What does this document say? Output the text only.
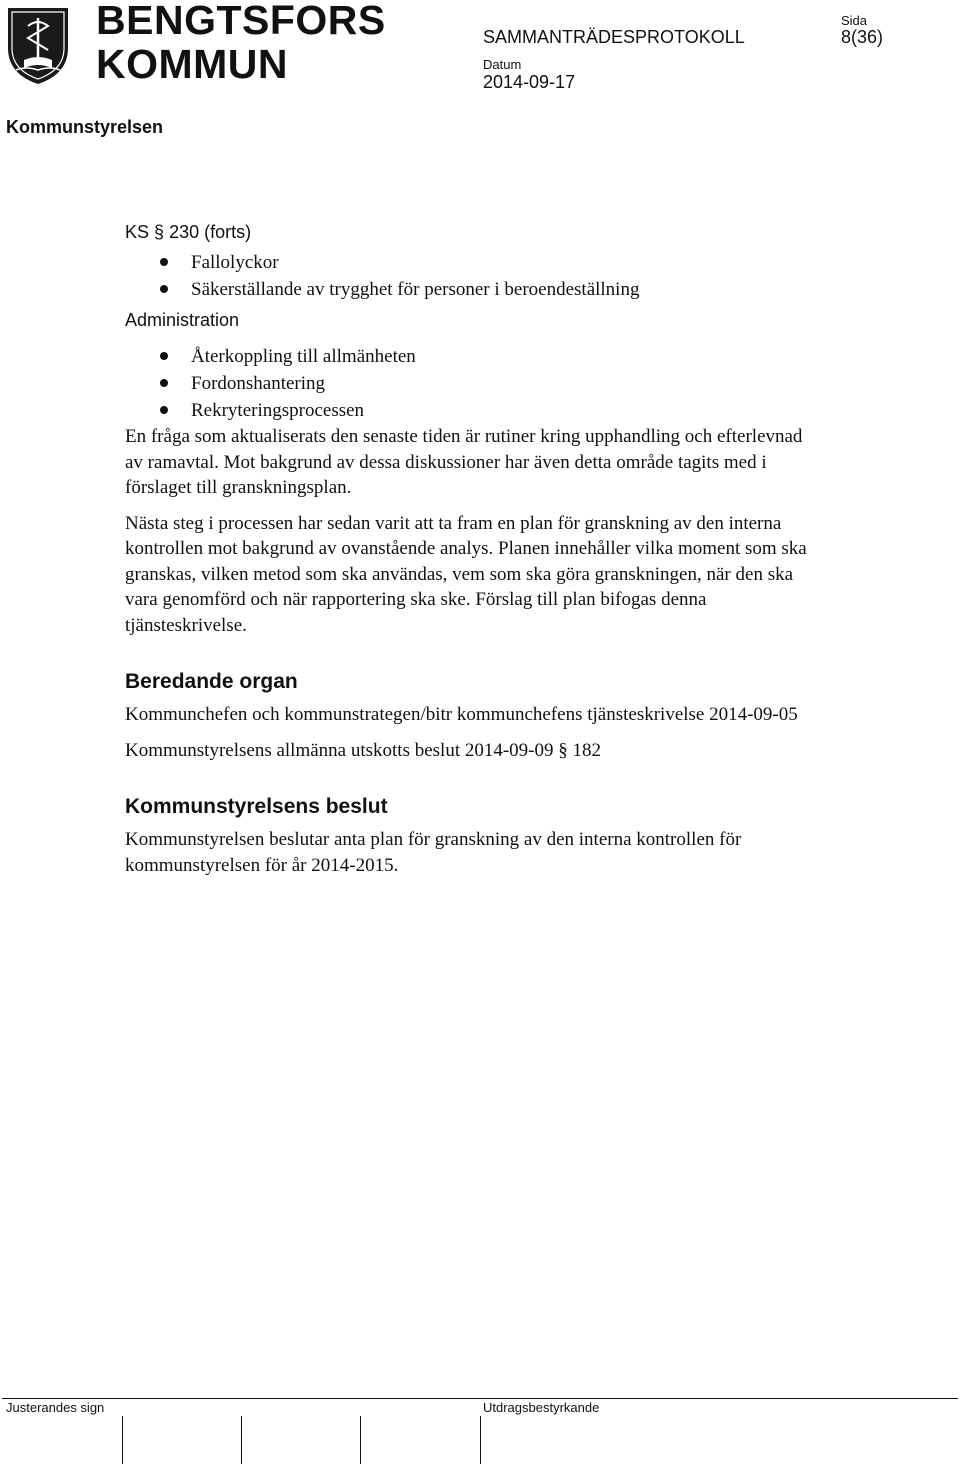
BENGTSFORS
KOMMUN
SAMMANTRÄDESPROTOKOLL
Sida
8(36)
Datum
2014-09-17
Kommunstyrelsen
KS § 230 (forts)
Fallolyckor
Säkerställande av trygghet för personer i beroendeställning
Administration
Återkoppling till allmänheten
Fordonshantering
Rekryteringsprocessen

En fråga som aktualiserats den senaste tiden är rutiner kring upphandling och efterlevnad av ramavtal. Mot bakgrund av dessa diskussioner har även detta område tagits med i förslaget till granskningsplan.

Nästa steg i processen har sedan varit att ta fram en plan för granskning av den interna kontrollen mot bakgrund av ovanstående analys. Planen innehåller vilka moment som ska granskas, vilken metod som ska användas, vem som ska göra granskningen, när den ska vara genomförd och när rapportering ska ske. Förslag till plan bifogas denna tjänsteskrivelse.

Beredande organ

Kommunchefen och kommunstrategen/bitr kommunchefens tjänsteskrivelse 2014-09-05

Kommunstyrelsens allmänna utskotts beslut 2014-09-09 § 182

Kommunstyrelsens beslut

Kommunstyrelsen beslutar anta plan för granskning av den interna kontrollen för kommunstyrelsen för år 2014-2015.

Justerandes sign	Utdragsbestyrkande
